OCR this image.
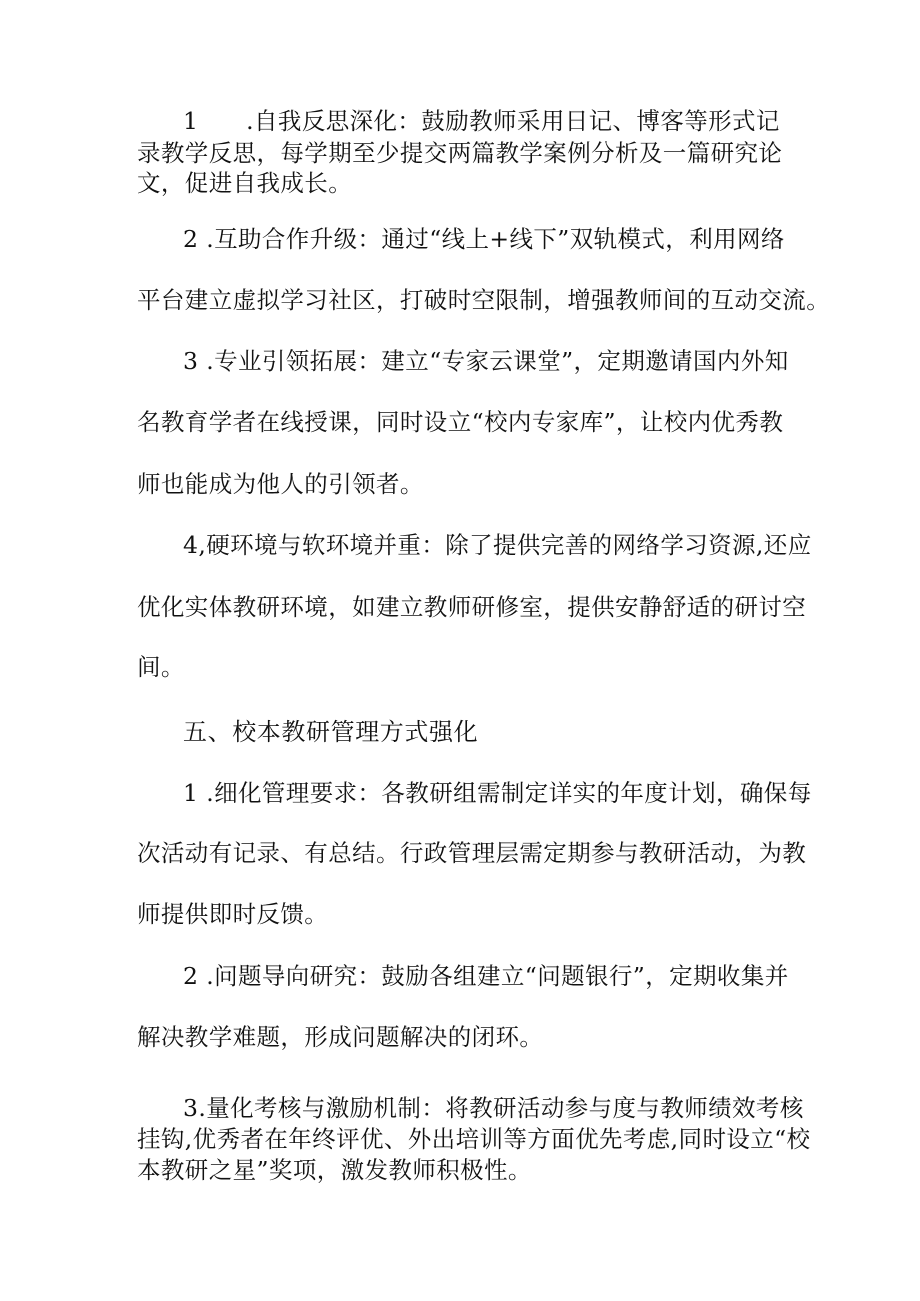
1　　.自我反思深化：鼓励教师采用日记、博客等形式记

录教学反思，每学期至少提交两篇教学案例分析及一篇研究论

文，促进自我成长。

2 .互助合作升级：通过“线上+线下”双轨模式，利用网络

平台建立虚拟学习社区，打破时空限制，增强教师间的互动交流。

3 .专业引领拓展：建立“专家云课堂”，定期邀请国内外知

名教育学者在线授课，同时设立“校内专家库”，让校内优秀教

师也能成为他人的引领者。

4,硬环境与软环境并重：除了提供完善的网络学习资源,还应

优化实体教研环境，如建立教师研修室，提供安静舒适的研讨空

间。

五、校本教研管理方式强化

1 .细化管理要求：各教研组需制定详实的年度计划，确保每

次活动有记录、有总结。行政管理层需定期参与教研活动，为教

师提供即时反馈。

2 .问题导向研究：鼓励各组建立“问题银行”，定期收集并

解决教学难题，形成问题解决的闭环。

3.量化考核与激励机制：将教研活动参与度与教师绩效考核

挂钩,优秀者在年终评优、外出培训等方面优先考虑,同时设立“校

本教研之星”奖项，激发教师积极性。
